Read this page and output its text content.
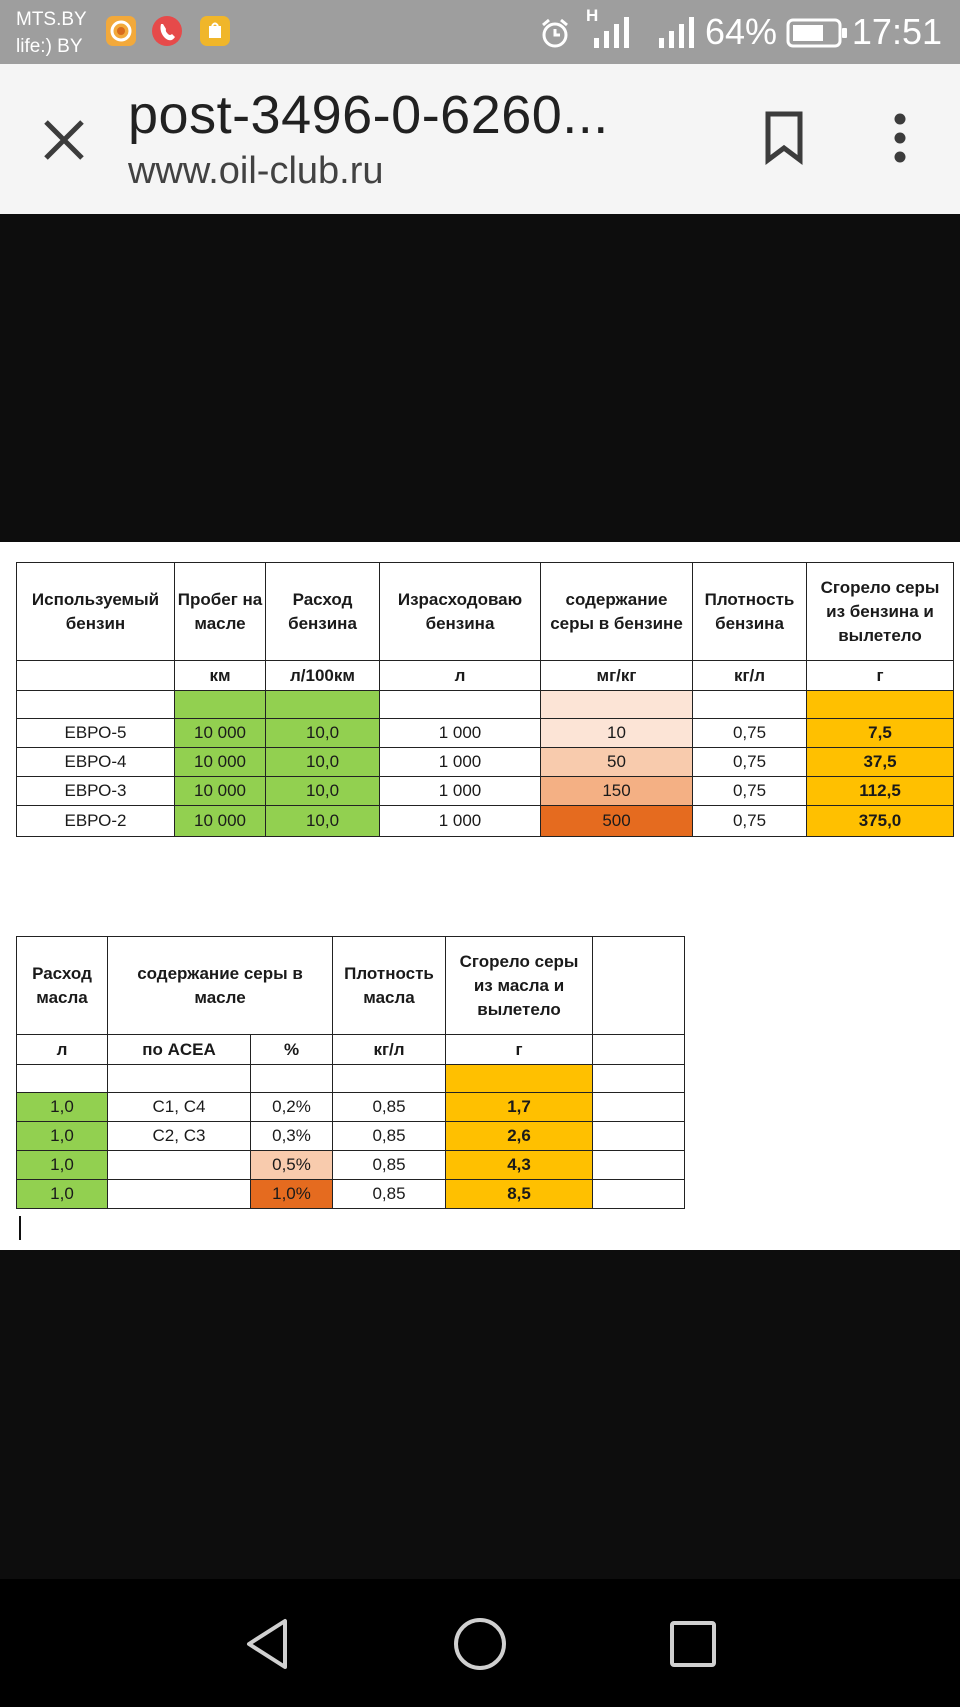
MTS.BY
life:) BY
H	64% 17:51
post-3496-0-6260...
www.oil-club.ru
Используемый бензин	Пробег на масле	Расход бензина	Израсходоваю бензина	содержание серы в бензине	Плотность бензина	Сгорело серы из бензина и вылетело
	км	л/100км	л	мг/кг	кг/л	г

ЕВРО-5	10 000	10,0	1 000	10	0,75	7,5
ЕВРО-4	10 000	10,0	1 000	50	0,75	37,5
ЕВРО-3	10 000	10,0	1 000	150	0,75	112,5
ЕВРО-2	10 000	10,0	1 000	500	0,75	375,0
Расход масла	содержание серы в масле		Плотность масла	Сгорело серы из масла и вылетело	
л	по ACEA	%	кг/л	г	

1,0	C1, C4	0,2%	0,85	1,7	
1,0	C2, C3	0,3%	0,85	2,6	
1,0		0,5%	0,85	4,3	
1,0		1,0%	0,85	8,5	
